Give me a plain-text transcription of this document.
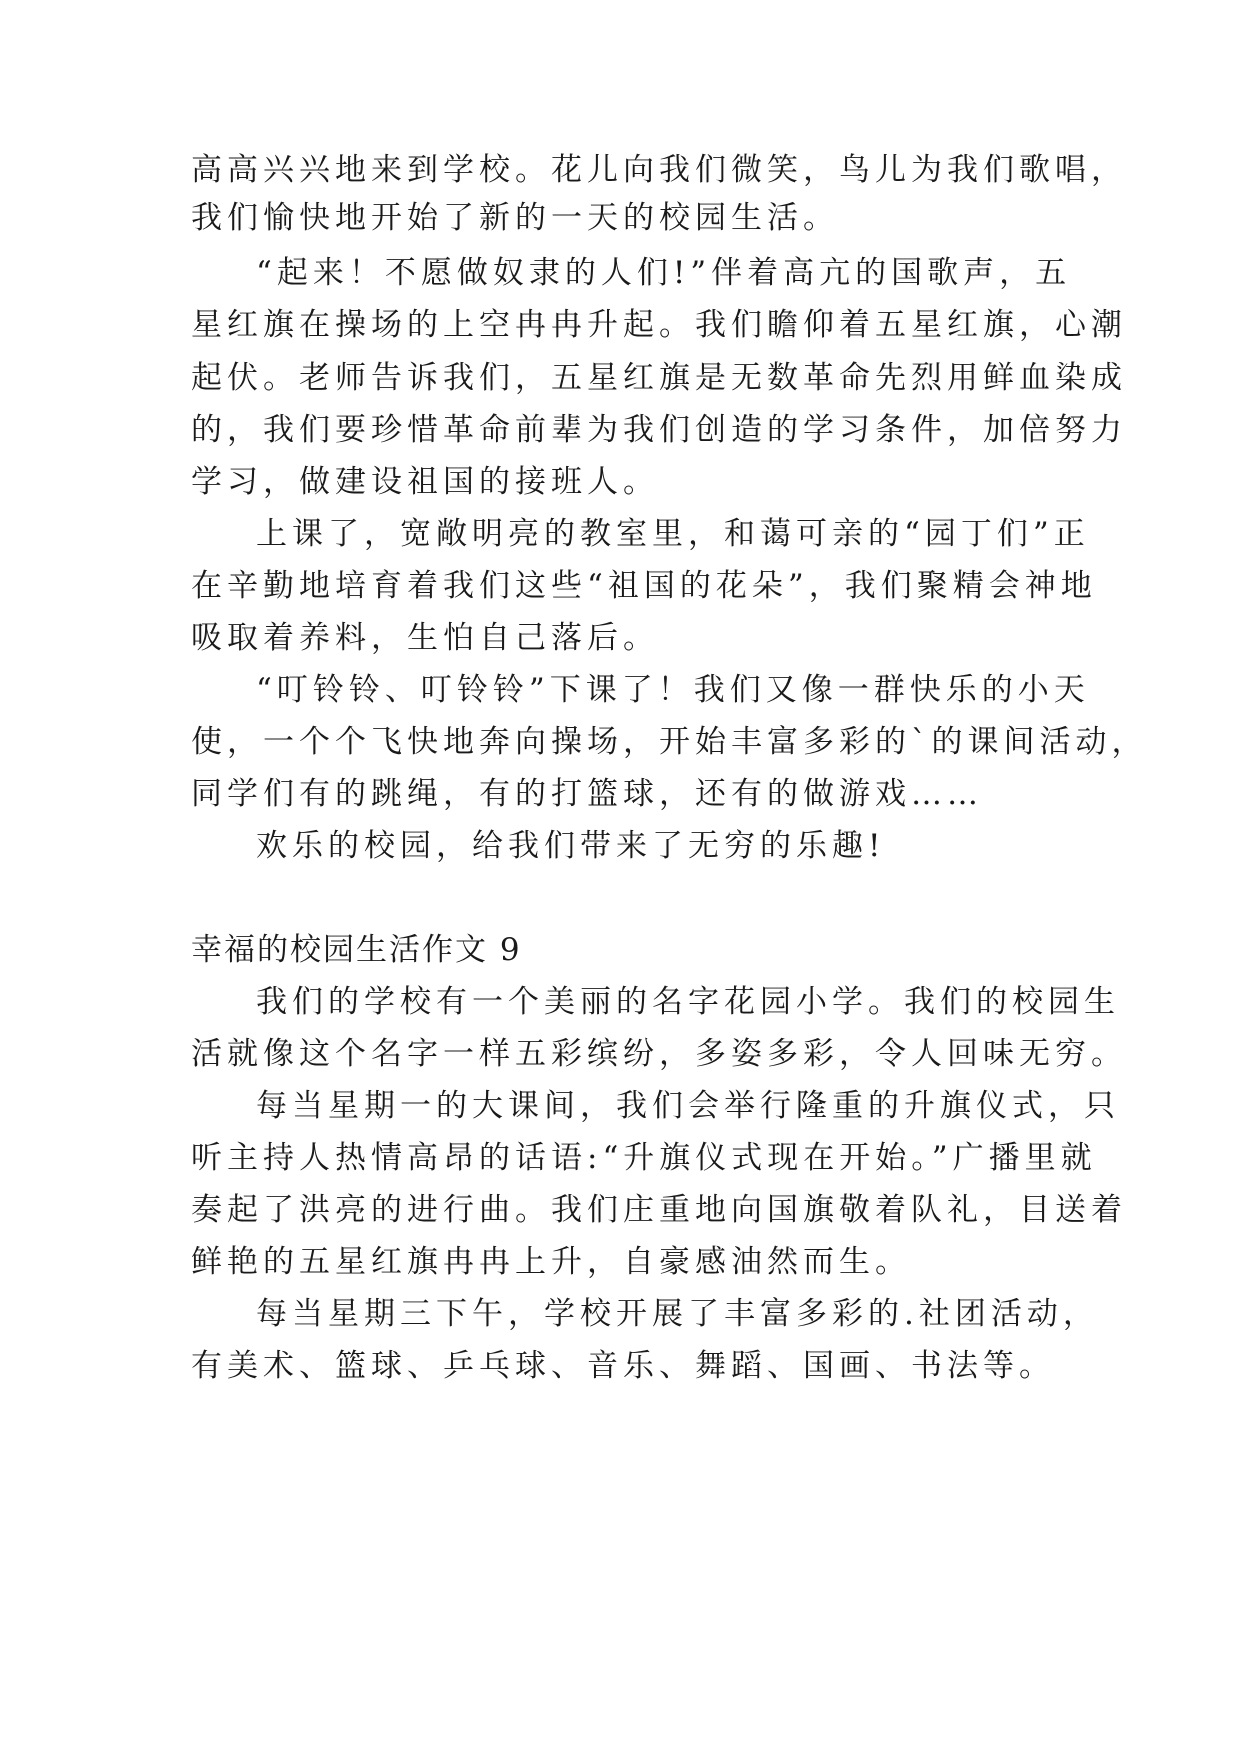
高高兴兴地来到学校。花儿向我们微笑，鸟儿为我们歌唱，
我们愉快地开始了新的一天的校园生活。
“起来！不愿做奴隶的人们!”伴着高亢的国歌声，五
星红旗在操场的上空冉冉升起。我们瞻仰着五星红旗，心潮
起伏。老师告诉我们，五星红旗是无数革命先烈用鲜血染成
的，我们要珍惜革命前辈为我们创造的学习条件，加倍努力
学习，做建设祖国的接班人。
上课了，宽敞明亮的教室里，和蔼可亲的“园丁们”正
在辛勤地培育着我们这些“祖国的花朵”，我们聚精会神地
吸取着养料，生怕自己落后。
“叮铃铃、叮铃铃”下课了！我们又像一群快乐的小天
使，一个个飞快地奔向操场，开始丰富多彩的`的课间活动，
同学们有的跳绳，有的打篮球，还有的做游戏……
欢乐的校园，给我们带来了无穷的乐趣!
幸福的校园生活作文 9
我们的学校有一个美丽的名字花园小学。我们的校园生
活就像这个名字一样五彩缤纷，多姿多彩，令人回味无穷。
每当星期一的大课间，我们会举行隆重的升旗仪式，只
听主持人热情高昂的话语:“升旗仪式现在开始。”广播里就
奏起了洪亮的进行曲。我们庄重地向国旗敬着队礼，目送着
鲜艳的五星红旗冉冉上升，自豪感油然而生。
每当星期三下午，学校开展了丰富多彩的.社团活动，
有美术、篮球、乒乓球、音乐、舞蹈、国画、书法等。
